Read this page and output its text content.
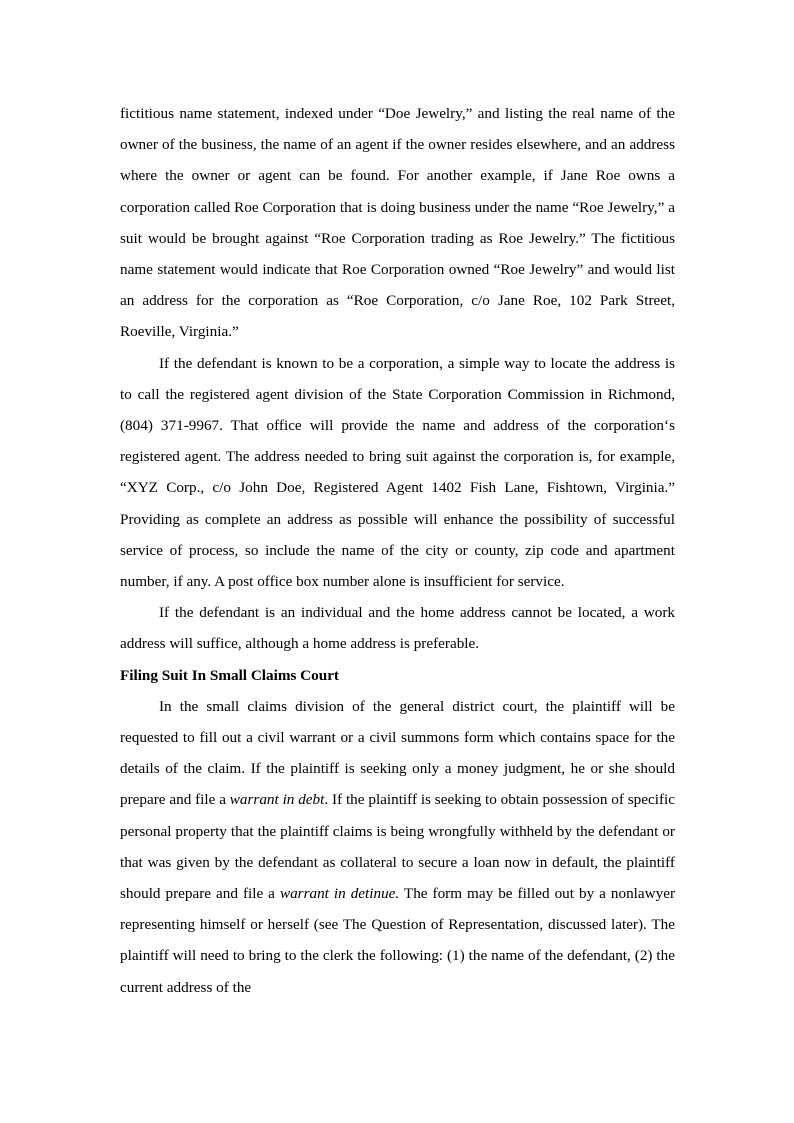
fictitious name statement, indexed under “Doe Jewelry,” and listing the real name of the owner of the business, the name of an agent if the owner resides elsewhere, and an address where the owner or agent can be found. For another example, if Jane Roe owns a corporation called Roe Corporation that is doing business under the name “Roe Jewelry,” a suit would be brought against “Roe Corporation trading as Roe Jewelry.” The fictitious name statement would indicate that Roe Corporation owned “Roe Jewelry” and would list an address for the corporation as “Roe Corporation, c/o Jane Roe, 102 Park Street, Roeville, Virginia.”

If the defendant is known to be a corporation, a simple way to locate the address is to call the registered agent division of the State Corporation Commission in Richmond, (804) 371-9967. That office will provide the name and address of the corporation‘s registered agent. The address needed to bring suit against the corporation is, for example, “XYZ Corp., c/o John Doe, Registered Agent 1402 Fish Lane, Fishtown, Virginia.” Providing as complete an address as possible will enhance the possibility of successful service of process, so include the name of the city or county, zip code and apartment number, if any. A post office box number alone is insufficient for service.

If the defendant is an individual and the home address cannot be located, a work address will suffice, although a home address is preferable.

Filing Suit In Small Claims Court

In the small claims division of the general district court, the plaintiff will be requested to fill out a civil warrant or a civil summons form which contains space for the details of the claim. If the plaintiff is seeking only a money judgment, he or she should prepare and file a warrant in debt. If the plaintiff is seeking to obtain possession of specific personal property that the plaintiff claims is being wrongfully withheld by the defendant or that was given by the defendant as collateral to secure a loan now in default, the plaintiff should prepare and file a warrant in detinue. The form may be filled out by a nonlawyer representing himself or herself (see The Question of Representation, discussed later). The plaintiff will need to bring to the clerk the following: (1) the name of the defendant, (2) the current address of the
